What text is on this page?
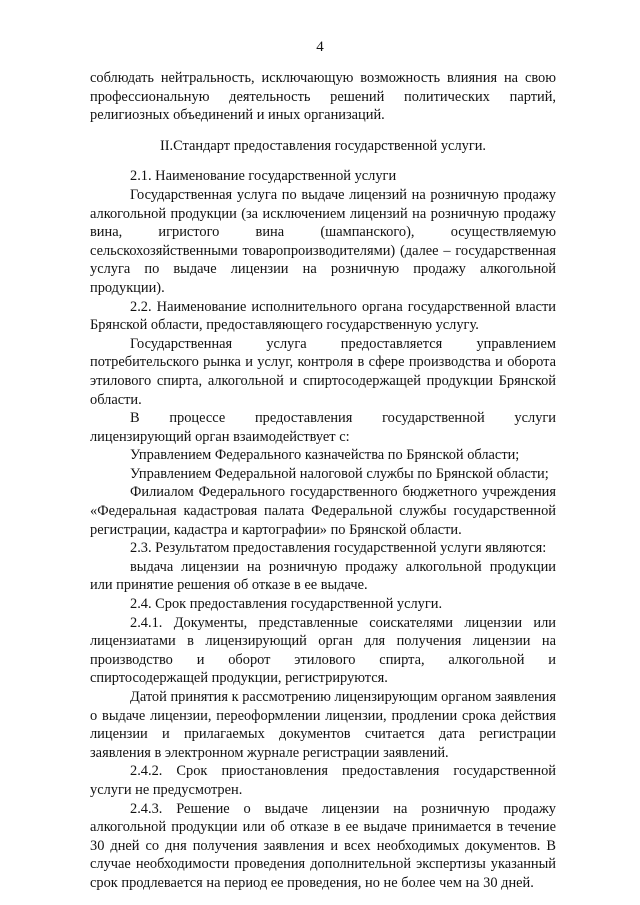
4

соблюдать нейтральность, исключающую возможность влияния на свою профессиональную деятельность решений политических партий, религиозных объединений и иных организаций.

II.Стандарт предоставления государственной услуги.

2.1. Наименование государственной услуги

Государственная услуга по выдаче лицензий на розничную продажу алкогольной продукции (за исключением лицензий на розничную продажу вина, игристого вина (шампанского), осуществляемую сельскохозяйственными товаропроизводителями) (далее – государственная услуга по выдаче лицензии на розничную продажу алкогольной продукции).

2.2. Наименование исполнительного органа государственной власти Брянской области, предоставляющего государственную услугу.

Государственная услуга предоставляется управлением потребительского рынка и услуг, контроля в сфере производства и оборота этилового спирта, алкогольной и спиртосодержащей продукции Брянской области.

В процессе предоставления государственной услуги лицензирующий орган взаимодействует с:

Управлением Федерального казначейства по Брянской области;

Управлением Федеральной налоговой службы по Брянской области;

Филиалом Федерального государственного бюджетного учреждения «Федеральная кадастровая палата Федеральной службы государственной регистрации, кадастра и картографии» по Брянской области.

2.3. Результатом предоставления государственной услуги являются:

выдача лицензии на розничную продажу алкогольной продукции или принятие решения об отказе в ее выдаче.

2.4. Срок предоставления государственной услуги.

2.4.1. Документы, представленные соискателями лицензии или лицензиатами в лицензирующий орган для получения лицензии на производство и оборот этилового спирта, алкогольной и спиртосодержащей продукции, регистрируются.

Датой принятия к рассмотрению лицензирующим органом заявления о выдаче лицензии, переоформлении лицензии, продлении срока действия лицензии и прилагаемых документов считается дата регистрации заявления в электронном журнале регистрации заявлений.

2.4.2. Срок приостановления предоставления государственной услуги не предусмотрен.

2.4.3. Решение о выдаче лицензии на розничную продажу алкогольной продукции или об отказе в ее выдаче принимается в течение 30 дней со дня получения заявления и всех необходимых документов. В случае необходимости проведения дополнительной экспертизы указанный срок продлевается на период ее проведения, но не более чем на 30 дней.
